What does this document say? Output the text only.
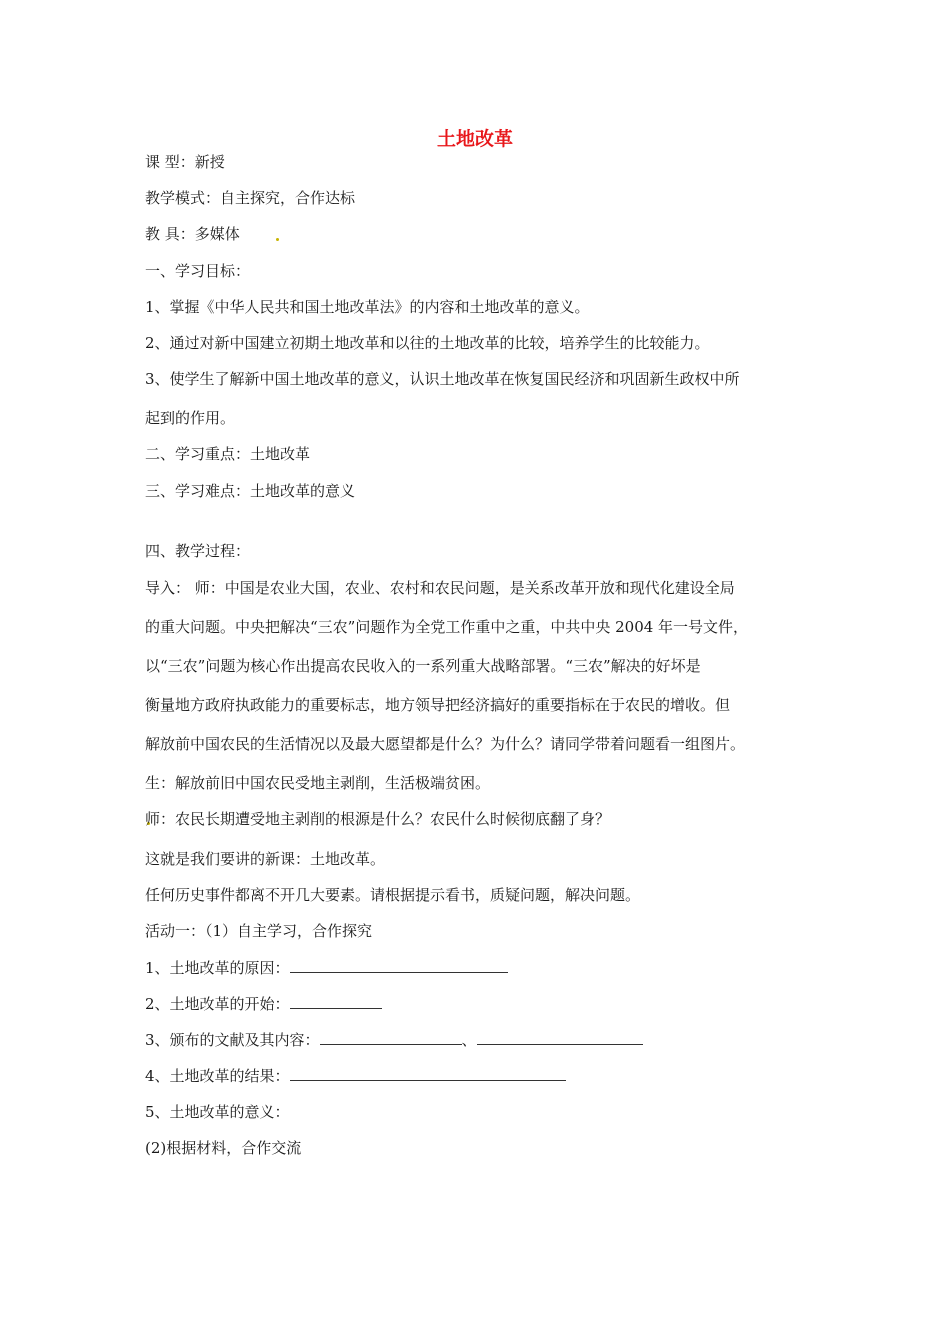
土地改革
课 型：新授
教学模式：自主探究，合作达标
教 具：多媒体
一、学习目标：
1、掌握《中华人民共和国土地改革法》的内容和土地改革的意义。
2、通过对新中国建立初期土地改革和以往的土地改革的比较，培养学生的比较能力。
3、使学生了解新中国土地改革的意义，认识土地改革在恢复国民经济和巩固新生政权中所
起到的作用。
二、学习重点：土地改革
三、学习难点：土地改革的意义
四、教学过程：
导入： 师：中国是农业大国，农业、农村和农民问题，是关系改革开放和现代化建设全局
的重大问题。中央把解决“三农”问题作为全党工作重中之重，中共中央 2004 年一号文件，
以“三农”问题为核心作出提高农民收入的一系列重大战略部署。“三农”解决的好坏是
衡量地方政府执政能力的重要标志，地方领导把经济搞好的重要指标在于农民的增收。但
解放前中国农民的生活情况以及最大愿望都是什么？为什么？请同学带着问题看一组图片。
生：解放前旧中国农民受地主剥削，生活极端贫困。
师：农民长期遭受地主剥削的根源是什么？农民什么时候彻底翻了身？
这就是我们要讲的新课：土地改革。
任何历史事件都离不开几大要素。请根据提示看书，质疑问题，解决问题。
活动一：（1）自主学习，合作探究
1、土地改革的原因：
2、土地改革的开始：
3、颁布的文献及其内容：	、
4、土地改革的结果：
5、土地改革的意义：
(2)根据材料，合作交流
